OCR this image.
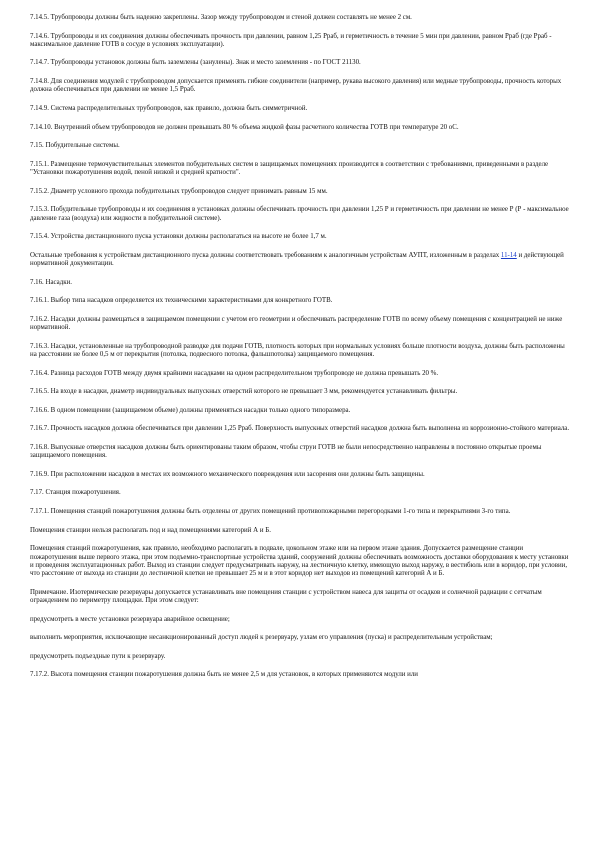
7.14.5. Трубопроводы должны быть надежно закреплены. Зазор между трубопроводом и стеной должен составлять не менее 2 см.

7.14.6. Трубопроводы и их соединения должны обеспечивать прочность при давлении, равном 1,25 Рраб, и герметичность в течение 5 мин при давлении, равном Рраб (где Рраб - максимальное давление ГОТВ в сосуде в условиях эксплуатации).

7.14.7. Трубопроводы установок должны быть заземлены (занулены). Знак и место заземления - по ГОСТ 21130.

7.14.8. Для соединения модулей с трубопроводом допускается применять гибкие соединители (например, рукава высокого давления) или медные трубопроводы, прочность которых должна обеспечиваться при давлении не менее 1,5 Рраб.

7.14.9. Система распределительных трубопроводов, как правило, должна быть симметричной.

7.14.10. Внутренний объем трубопроводов не должен превышать 80 % объема жидкой фазы расчетного количества ГОТВ при температуре 20 оС.

7.15. Побудительные системы.

7.15.1. Размещение термочувствительных элементов побудительных систем в защищаемых помещениях производится в соответствии с требованиями, приведенными в разделе "Установки пожаротушения водой, пеной низкой и средней кратности".

7.15.2. Диаметр условного прохода побудительных трубопроводов следует принимать равным 15 мм.

7.15.3. Побудительные трубопроводы и их соединения в установках должны обеспечивать прочность при давлении 1,25 Р и герметичность при давлении не менее Р (Р - максимальное давление газа (воздуха) или жидкости в побудительной системе).

7.15.4. Устройства дистанционного пуска установки должны располагаться на высоте не более 1,7 м.

Остальные требования к устройствам дистанционного пуска должны соответствовать требованиям к аналогичным устройствам АУПТ, изложенным в разделах 11-14 и действующей нормативной документации.

7.16. Насадки.

7.16.1. Выбор типа насадков определяется их техническими характеристиками для конкретного ГОТВ.

7.16.2. Насадки должны размещаться в защищаемом помещении с учетом его геометрии и обеспечивать распределение ГОТВ по всему объему помещения с концентрацией не ниже нормативной.

7.16.3. Насадки, установленные на трубопроводной разводке для подачи ГОТВ, плотность которых при нормальных условиях больше плотности воздуха, должны быть расположены на расстоянии не более 0,5 м от перекрытия (потолка, подвесного потолка, фальшпотолка) защищаемого помещения.

7.16.4. Разница расходов ГОТВ между двумя крайними насадками на одном распределительном трубопроводе не должна превышать 20 %.

7.16.5. На входе в насадки, диаметр индивидуальных выпускных отверстий которого не превышает 3 мм, рекомендуется устанавливать фильтры.

7.16.6. В одном помещении (защищаемом объеме) должны применяться насадки только одного типоразмера.

7.16.7. Прочность насадков должна обеспечиваться при давлении 1,25 Рраб. Поверхность выпускных отверстий насадков должна быть выполнена из коррозионно-стойкого материала.

7.16.8. Выпускные отверстия насадков должны быть ориентированы таким образом, чтобы струи ГОТВ не были непосредственно направлены в постоянно открытые проемы защищаемого помещения.

7.16.9. При расположении насадков в местах их возможного механического повреждения или засорения они должны быть защищены.

7.17. Станция пожаротушения.

7.17.1. Помещения станций пожаротушения должны быть отделены от других помещений противопожарными перегородками 1-го типа и перекрытиями 3-го типа.

Помещения станции нельзя располагать под и над помещениями категорий А и Б.

Помещения станций пожаротушения, как правило, необходимо располагать в подвале, цокольном этаже или на первом этаже здания. Допускается размещение станции пожаротушения выше первого этажа, при этом подъемно-транспортные устройства зданий, сооружений должны обеспечивать возможность доставки оборудования к месту установки и проведения эксплуатационных работ. Выход из станции следует предусматривать наружу, на лестничную клетку, имеющую выход наружу, в вестибюль или в коридор, при условии, что расстояние от выхода из станции до лестничной клетки не превышает 25 м и в этот коридор нет выходов из помещений категорий А и Б.

Примечание. Изотермические резервуары допускается устанавливать вне помещения станции с устройством навеса для защиты от осадков и солнечной радиации с сетчатым ограждением по периметру площадки. При этом следует:

предусмотреть в месте установки резервуара аварийное освещение;

выполнить мероприятия, исключающие несанкционированный доступ людей к резервуару, узлам его управления (пуска) и распределительным устройствам;

предусмотреть подъездные пути к резервуару.

7.17.2. Высота помещения станции пожаротушения должна быть не менее 2,5 м для установок, в которых применяются модули или
